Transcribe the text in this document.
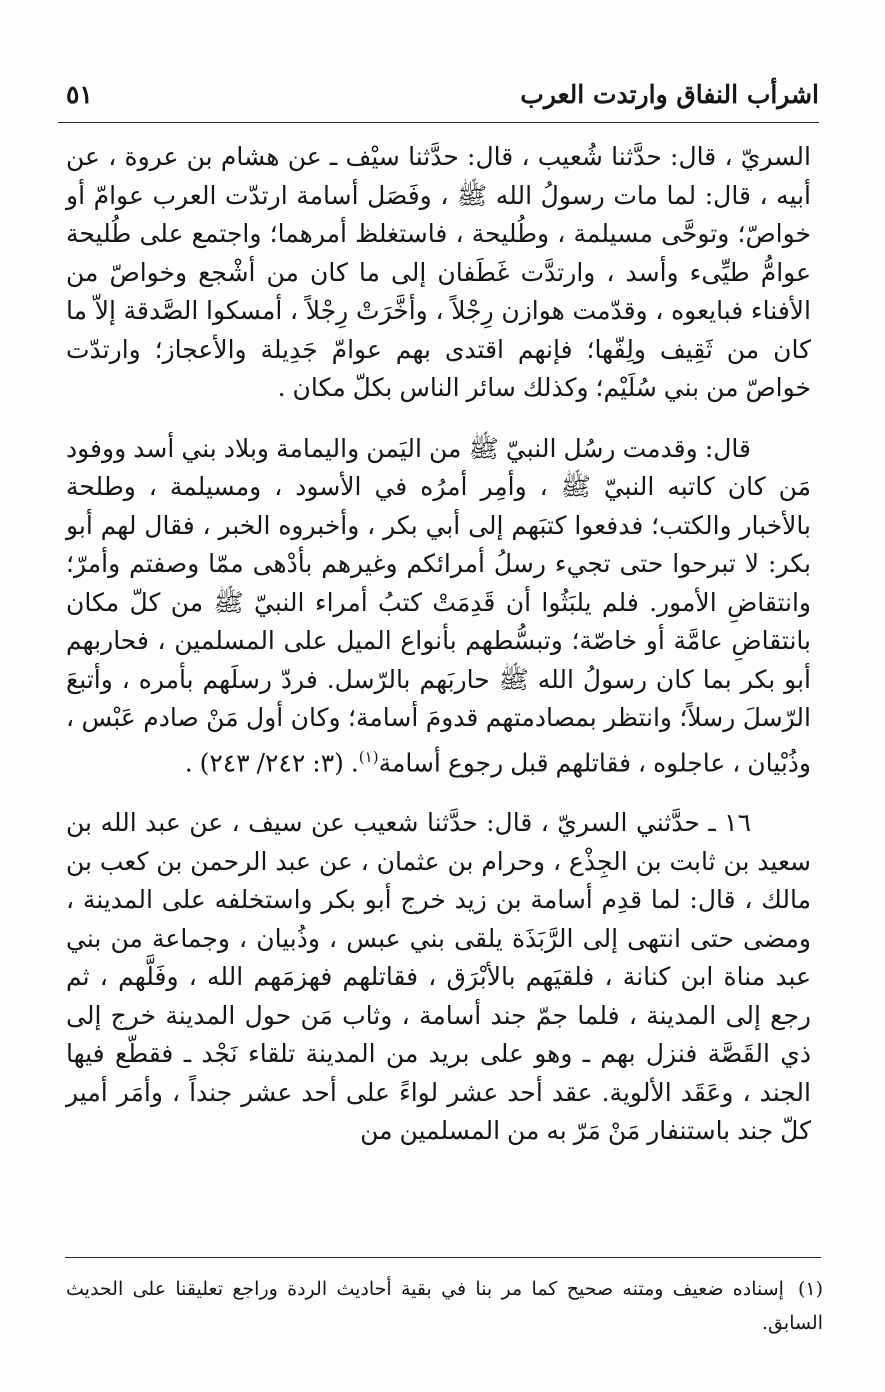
اشرأب النفاق وارتدت العرب
٥١

السريّ ، قال: حدَّثنا شُعيب ، قال: حدَّثنا سيْف ـ عن هشام بن عروة ، عن أبيه ، قال: لما مات رسولُ الله ﷺ ، وفَصَل أسامة ارتدّت العرب عوامّ أو خواصّ؛ وتوحَّى مسيلمة ، وطُليحة ، فاستغلظ أمرهما؛ واجتمع على طُليحة عوامُّ طيِّىء وأسد ، وارتدَّت غَطَفان إلى ما كان من أشْجع وخواصّ من الأفناء فبايعوه ، وقدّمت هوازن رِجْلاً ، وأخَّرَتْ رِجْلاً ، أمسكوا الصَّدقة إلاّ ما كان من ثَقِيف ولِفّها؛ فإنهم اقتدى بهم عوامّ جَدِيلة والأعجاز؛ وارتدّت خواصّ من بني سُلَيْم؛ وكذلك سائر الناس بكلّ مكان .

قال: وقدمت رسُل النبيّ ﷺ من اليَمن واليمامة وبلاد بني أسد ووفود مَن كان كاتبه النبيّ ﷺ ، وأمِر أمرُه في الأسود ، ومسيلمة ، وطلحة بالأخبار والكتب؛ فدفعوا كتبَهم إلى أبي بكر ، وأخبروه الخبر ، فقال لهم أبو بكر: لا تبرحوا حتى تجيء رسلُ أمرائكم وغيرهم بأدْهى ممّا وصفتم وأمرّ؛ وانتقاضِ الأمور. فلم يلبَثُوا أن قَدِمَتْ كتبُ أمراء النبيّ ﷺ من كلّ مكان بانتقاضِ عامَّة أو خاصّة؛ وتبسُّطهم بأنواع الميل على المسلمين ، فحاربهم أبو بكر بما كان رسولُ الله ﷺ حاربَهم بالرّسل. فردّ رسلَهم بأمره ، وأتبعَ الرّسلَ رسلاً؛ وانتظر بمصادمتهم قدومَ أسامة؛ وكان أول مَنْ صادم عَبْس ، وذُبْيان ، عاجلوه ، فقاتلهم قبل رجوع أسامة$^{(١)}$. (٣: ٢٤٢/ ٢٤٣) .

١٦ ـ حدَّثني السريّ ، قال: حدَّثنا شعيب عن سيف ، عن عبد الله بن سعيد بن ثابت بن الجِذْع ، وحرام بن عثمان ، عن عبد الرحمن بن كعب بن مالك ، قال: لما قدِم أسامة بن زيد خرج أبو بكر واستخلفه على المدينة ، ومضى حتى انتهى إلى الرَّبَذَة يلقى بني عبس ، وذُبيان ، وجماعة من بني عبد مناة ابن كنانة ، فلقيَهم بالأبْرَق ، فقاتلهم فهزمَهم الله ، وفَلَّهم ، ثم رجع إلى المدينة ، فلما جمّ جند أسامة ، وثاب مَن حول المدينة خرج إلى ذي القَصَّة فنزل بهم ـ وهو على بريد من المدينة تلقاء نَجْد ـ فقطّع فيها الجند ، وعَقَد الألوية. عقد أحد عشر لواءً على أحد عشر جنداً ، وأمَر أمير كلّ جند باستنفار مَنْ مَرّ به من المسلمين من

(١)إسناده ضعيف ومتنه صحيح كما مر بنا في بقية أحاديث الردة وراجع تعليقنا على الحديث السابق.
